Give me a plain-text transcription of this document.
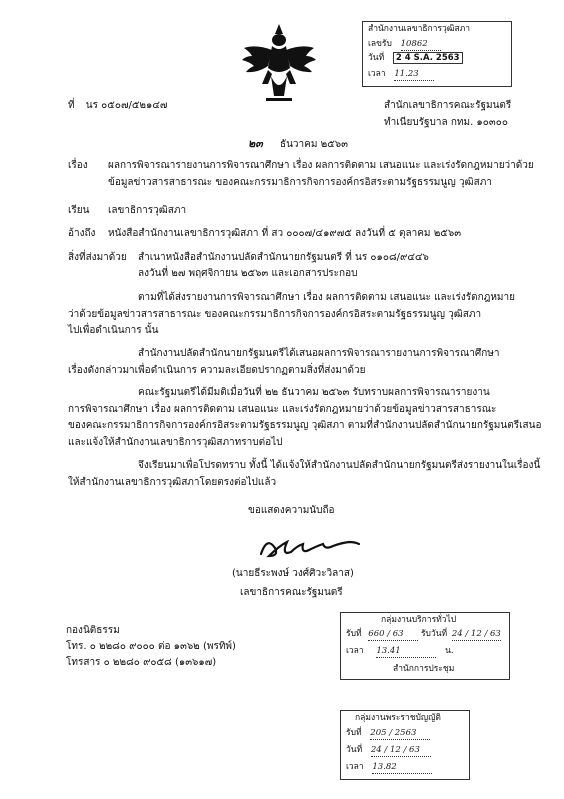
สำนักงานเลขาธิการวุฒิสภา
เลขรับ 10862
วันที่ 2 4 S.A. 2563
เวลา 11.23
ที่ นร ๐๕๐๗/๕๒๑๔๗	สำนักเลขาธิการคณะรัฐมนตรี
ทำเนียบรัฐบาล กทม. ๑๐๓๐๐
๒๓ ธันวาคม ๒๕๖๓
เรื่อง ผลการพิจารณารายงานการพิจารณาศึกษา เรื่อง ผลการติดตาม เสนอแนะ และเร่งรัดกฎหมายว่าด้วย
ข้อมูลข่าวสารสาธารณะ ของคณะกรรมาธิการกิจการองค์กรอิสระตามรัฐธรรมนูญ วุฒิสภา
เรียน เลขาธิการวุฒิสภา
อ้างถึง หนังสือสำนักงานเลขาธิการวุฒิสภา ที่ สว ๐๐๐๗/๔๑๙๗๕ ลงวันที่ ๕ ตุลาคม ๒๕๖๓
สิ่งที่ส่งมาด้วย สำเนาหนังสือสำนักงานปลัดสำนักนายกรัฐมนตรี ที่ นร ๐๑๐๘/๙๔๔๖
ลงวันที่ ๒๗ พฤศจิกายน ๒๕๖๓ และเอกสารประกอบ
ตามที่ได้ส่งรายงานการพิจารณาศึกษา เรื่อง ผลการติดตาม เสนอแนะ และเร่งรัดกฎหมาย
ว่าด้วยข้อมูลข่าวสารสาธารณะ ของคณะกรรมาธิการกิจการองค์กรอิสระตามรัฐธรรมนูญ วุฒิสภา
ไปเพื่อดำเนินการ นั้น
สำนักงานปลัดสำนักนายกรัฐมนตรีได้เสนอผลการพิจารณารายงานการพิจารณาศึกษา
เรื่องดังกล่าวมาเพื่อดำเนินการ ความละเอียดปรากฏตามสิ่งที่ส่งมาด้วย
คณะรัฐมนตรีได้มีมติเมื่อวันที่ ๒๒ ธันวาคม ๒๕๖๓ รับทราบผลการพิจารณารายงาน
การพิจารณาศึกษา เรื่อง ผลการติดตาม เสนอแนะ และเร่งรัดกฎหมายว่าด้วยข้อมูลข่าวสารสาธารณะ
ของคณะกรรมาธิการกิจการองค์กรอิสระตามรัฐธรรมนูญ วุฒิสภา ตามที่สำนักงานปลัดสำนักนายกรัฐมนตรีเสนอ
และแจ้งให้สำนักงานเลขาธิการวุฒิสภาทราบต่อไป
จึงเรียนมาเพื่อโปรดทราบ ทั้งนี้ ได้แจ้งให้สำนักงานปลัดสำนักนายกรัฐมนตรีส่งรายงานในเรื่องนี้
ให้สำนักงานเลขาธิการวุฒิสภาโดยตรงต่อไปแล้ว
ขอแสดงความนับถือ
(นายธีระพงษ์ วงศ์ศิวะวิลาส)
เลขาธิการคณะรัฐมนตรี
กองนิติธรรม
โทร. ๐ ๒๒๘๐ ๙๐๐๐ ต่อ ๑๓๖๒ (พรทิพ์)
โทรสาร ๐ ๒๒๘๐ ๙๐๕๘ (๑๓๖๑๗)
กลุ่มงานบริการทั่วไป
รับที่ 660 / 63 รับวันที่ 24 / 12 / 63
เวลา 13.41	น.
สำนักการประชุม
กลุ่มงานพระราชบัญญัติ
รับที่ 205 / 2563
วันที่ 24 / 12 / 63
เวลา 13.82
